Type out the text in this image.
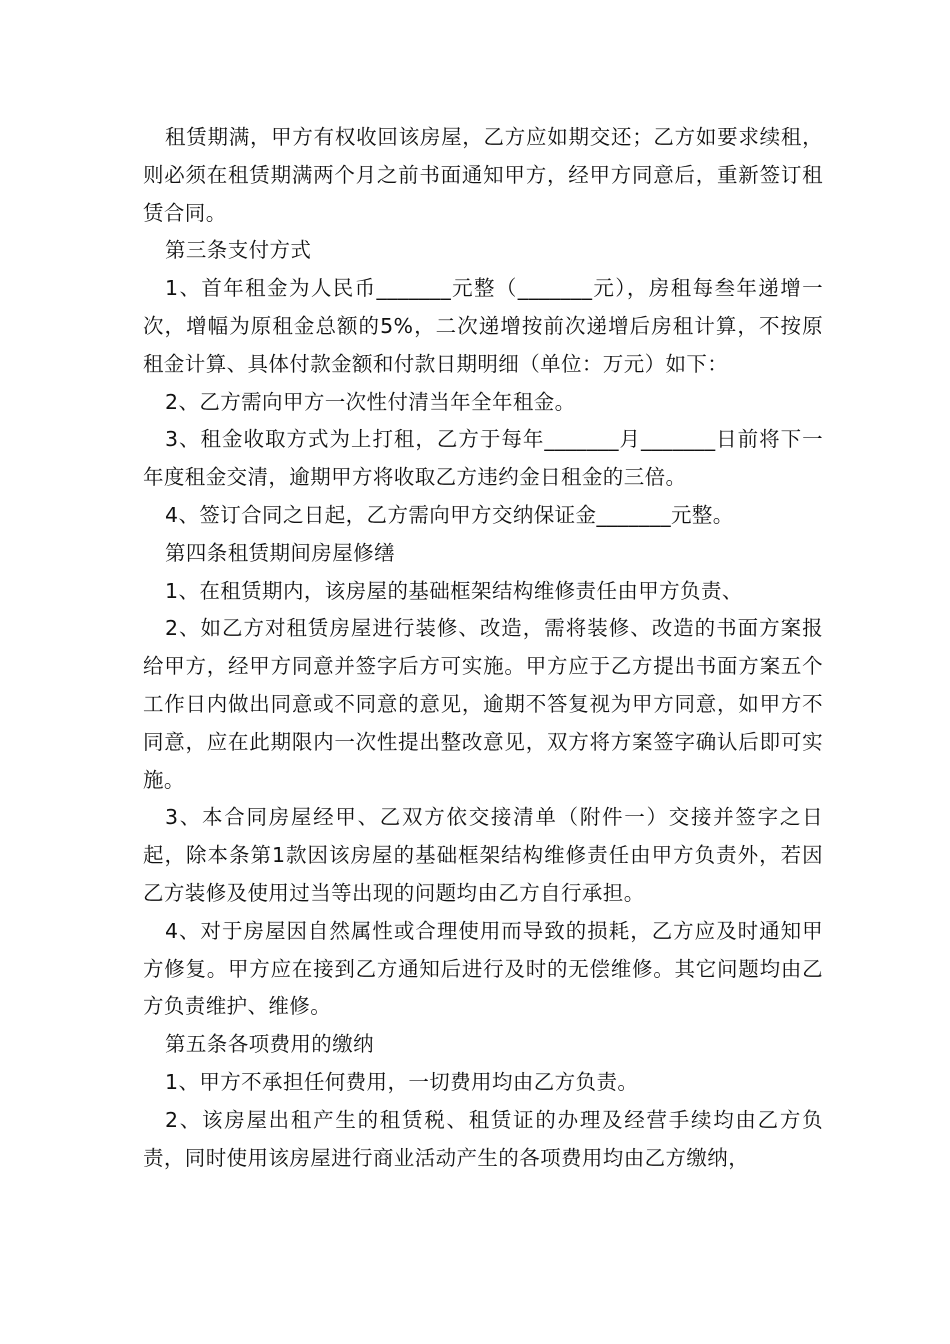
租赁期满，甲方有权收回该房屋，乙方应如期交还；乙方如要求续租，则必须在租赁期满两个月之前书面通知甲方，经甲方同意后，重新签订租赁合同。

第三条支付方式

1、首年租金为人民币_______元整（_______元），房租每叁年递增一次，增幅为原租金总额的5%，二次递增按前次递增后房租计算，不按原租金计算、具体付款金额和付款日期明细（单位：万元）如下：

2、乙方需向甲方一次性付清当年全年租金。

3、租金收取方式为上打租，乙方于每年_______月_______日前将下一年度租金交清，逾期甲方将收取乙方违约金日租金的三倍。

4、签订合同之日起，乙方需向甲方交纳保证金_______元整。

第四条租赁期间房屋修缮

1、在租赁期内，该房屋的基础框架结构维修责任由甲方负责、

2、如乙方对租赁房屋进行装修、改造，需将装修、改造的书面方案报给甲方，经甲方同意并签字后方可实施。甲方应于乙方提出书面方案五个工作日内做出同意或不同意的意见，逾期不答复视为甲方同意，如甲方不同意，应在此期限内一次性提出整改意见，双方将方案签字确认后即可实施。

3、本合同房屋经甲、乙双方依交接清单（附件一）交接并签字之日起，除本条第1款因该房屋的基础框架结构维修责任由甲方负责外，若因乙方装修及使用过当等出现的问题均由乙方自行承担。

4、对于房屋因自然属性或合理使用而导致的损耗，乙方应及时通知甲方修复。甲方应在接到乙方通知后进行及时的无偿维修。其它问题均由乙方负责维护、维修。

第五条各项费用的缴纳

1、甲方不承担任何费用，一切费用均由乙方负责。

2、该房屋出租产生的租赁税、租赁证的办理及经营手续均由乙方负责，同时使用该房屋进行商业活动产生的各项费用均由乙方缴纳，
